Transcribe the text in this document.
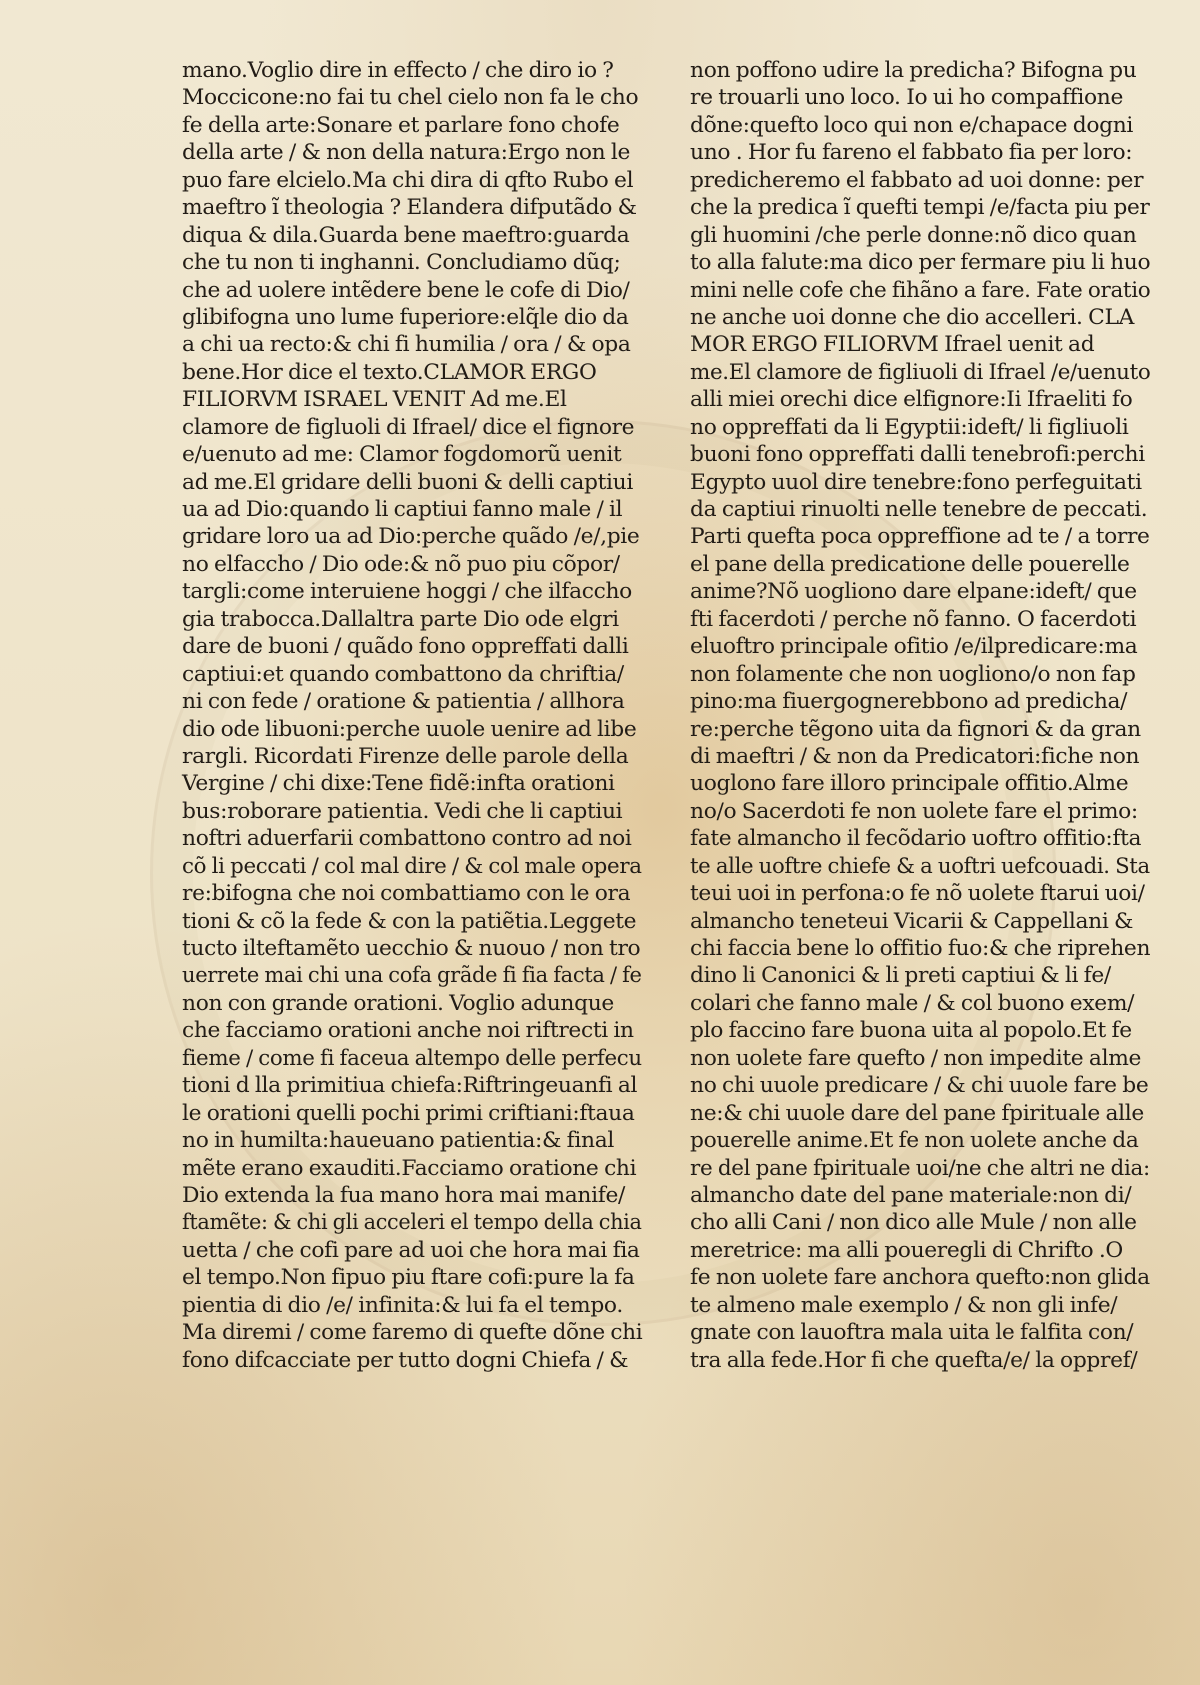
mano.Voglio dire in effecto / che diro io ?
Moccicone:no fai tu chel cielo non fa le cho
fe della arte:Sonare et parlare fono chofe
della arte / & non della natura:Ergo non le
puo fare elcielo.Ma chi dira di qfto Rubo el
maeftro ĩ theologia ? Elandera difputãdo &
diqua & dila.Guarda bene maeftro:guarda
che tu non ti inghanni. Concludiamo dũq;
che ad uolere intẽdere bene le cofe di Dio/
glibifogna uno lume fuperiore:elq̃le dio da
a chi ua recto:& chi fi humilia / ora / & opa
bene.Hor dice el texto.CLAMOR ERGO
FILIORVM ISRAEL VENIT Ad me.El
clamore de figluoli di Ifrael/ dice el fignore
e/uenuto ad me: Clamor fogdomorũ uenit
ad me.El gridare delli buoni & delli captiui
ua ad Dio:quando li captiui fanno male / il
gridare loro ua ad Dio:perche quãdo /e/,pie
no elfaccho / Dio ode:& nõ puo piu cõpor∕
targli:come interuiene hoggi / che ilfaccho
gia trabocca.Dallaltra parte Dio ode elgri
dare de buoni / quãdo fono oppreffati dalli
captiui:et quando combattono da chriftia∕
ni con fede / oratione & patientia / allhora
dio ode libuoni:perche uuole uenire ad libe
rargli. Ricordati Firenze delle parole della
Vergine / chi dixe:Tene fidẽ:infta orationi
bus:roborare patientia. Vedi che li captiui
noftri aduerfarii combattono contro ad noi
cõ li peccati / col mal dire / & col male opera
re:bifogna che noi combattiamo con le ora
tioni & cõ la fede & con la patiẽtia.Leggete
tucto ilteftamẽto uecchio & nuouo / non tro
uerrete mai chi una cofa grãde fi fia facta / fe
non con grande orationi. Voglio adunque
che facciamo orationi anche noi riftrecti in
fieme / come fi faceua altempo delle perfecu
tioni d lla primitiua chiefa:Riftringeuanfi al
le orationi quelli pochi primi criftiani:ftaua
no in humilta:haueuano patientia:& final
mẽte erano exauditi.Facciamo oratione chi
Dio extenda la fua mano hora mai manife∕
ftamẽte: & chi gli acceleri el tempo della chia
uetta / che cofi pare ad uoi che hora mai fia
el tempo.Non fipuo piu ftare cofi:pure la fa
pientia di dio /e/ infinita:& lui fa el tempo.
Ma diremi / come faremo di quefte dõne chi
fono difcacciate per tutto dogni Chiefa / &
non poffono udire la predicha? Bifogna pu
re trouarli uno loco. Io ui ho compaffione
dõne:quefto loco qui non e/chapace dogni
uno . Hor fu fareno el fabbato fia per loro:
predicheremo el fabbato ad uoi donne: per
che la predica ĩ quefti tempi /e/facta piu per
gli huomini /che perle donne:nõ dico quan
to alla falute:ma dico per fermare piu li huo
mini nelle cofe che fihãno a fare. Fate oratio
ne anche uoi donne che dio accelleri. CLA
MOR ERGO FILIORVM Ifrael uenit ad
me.El clamore de figliuoli di Ifrael /e/uenuto
alli miei orechi dice elfignore:Ii Ifraeliti fo
no oppreffati da li Egyptii:ideft/ li figliuoli
buoni fono oppreffati dalli tenebrofi:perchi
Egypto uuol dire tenebre:fono perfeguitati
da captiui rinuolti nelle tenebre de peccati.
Parti quefta poca oppreffione ad te / a torre
el pane della predicatione delle pouerelle
anime?Nõ uogliono dare elpane:ideft/ que
fti facerdoti / perche nõ fanno. O facerdoti
eluoftro principale ofitio /e/ilpredicare:ma
non folamente che non uogliono/o non fap
pino:ma fiuergognerebbono ad predicha∕
re:perche tẽgono uita da fignori & da gran
di maeftri / & non da Predicatori:fiche non
uoglono fare illoro principale offitio.Alme
no/o Sacerdoti fe non uolete fare el primo:
fate almancho il fecõdario uoftro offitio:fta
te alle uoftre chiefe & a uoftri uefcouadi. Sta
teui uoi in perfona:o fe nõ uolete ftarui uoi/
almancho teneteui Vicarii & Cappellani &
chi faccia bene lo offitio fuo:& che riprehen
dino li Canonici & li preti captiui & li fe∕
colari che fanno male / & col buono exem∕
plo faccino fare buona uita al popolo.Et fe
non uolete fare quefto / non impedite alme
no chi uuole predicare / & chi uuole fare be
ne:& chi uuole dare del pane fpirituale alle
pouerelle anime.Et fe non uolete anche da
re del pane fpirituale uoi/ne che altri ne dia:
almancho date del pane materiale:non di∕
cho alli Cani / non dico alle Mule / non alle
meretrice: ma alli poueregli di Chrifto .O
fe non uolete fare anchora quefto:non glida
te almeno male exemplo / & non gli infe∕
gnate con lauoftra mala uita le falfita con∕
tra alla fede.Hor fi che quefta/e/ la oppref∕
